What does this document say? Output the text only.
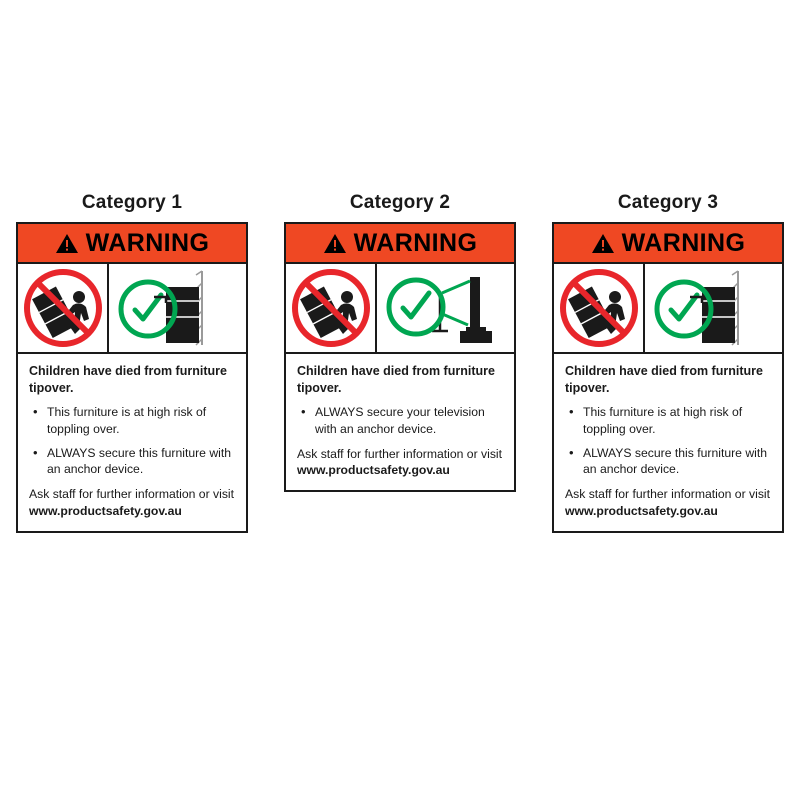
Category 1
WARNING

Children have died from furniture tipover.

• This furniture is at high risk of toppling over.
• ALWAYS secure this furniture with an anchor device.

Ask staff for further information or visit

www.productsafety.gov.au

Category 2
WARNING

Children have died from furniture tipover.

• ALWAYS secure your television with an anchor device.

Ask staff for further information or visit

www.productsafety.gov.au

Category 3
WARNING

Children have died from furniture tipover.

• This furniture is at high risk of toppling over.
• ALWAYS secure this furniture with an anchor device.

Ask staff for further information or visit

www.productsafety.gov.au
